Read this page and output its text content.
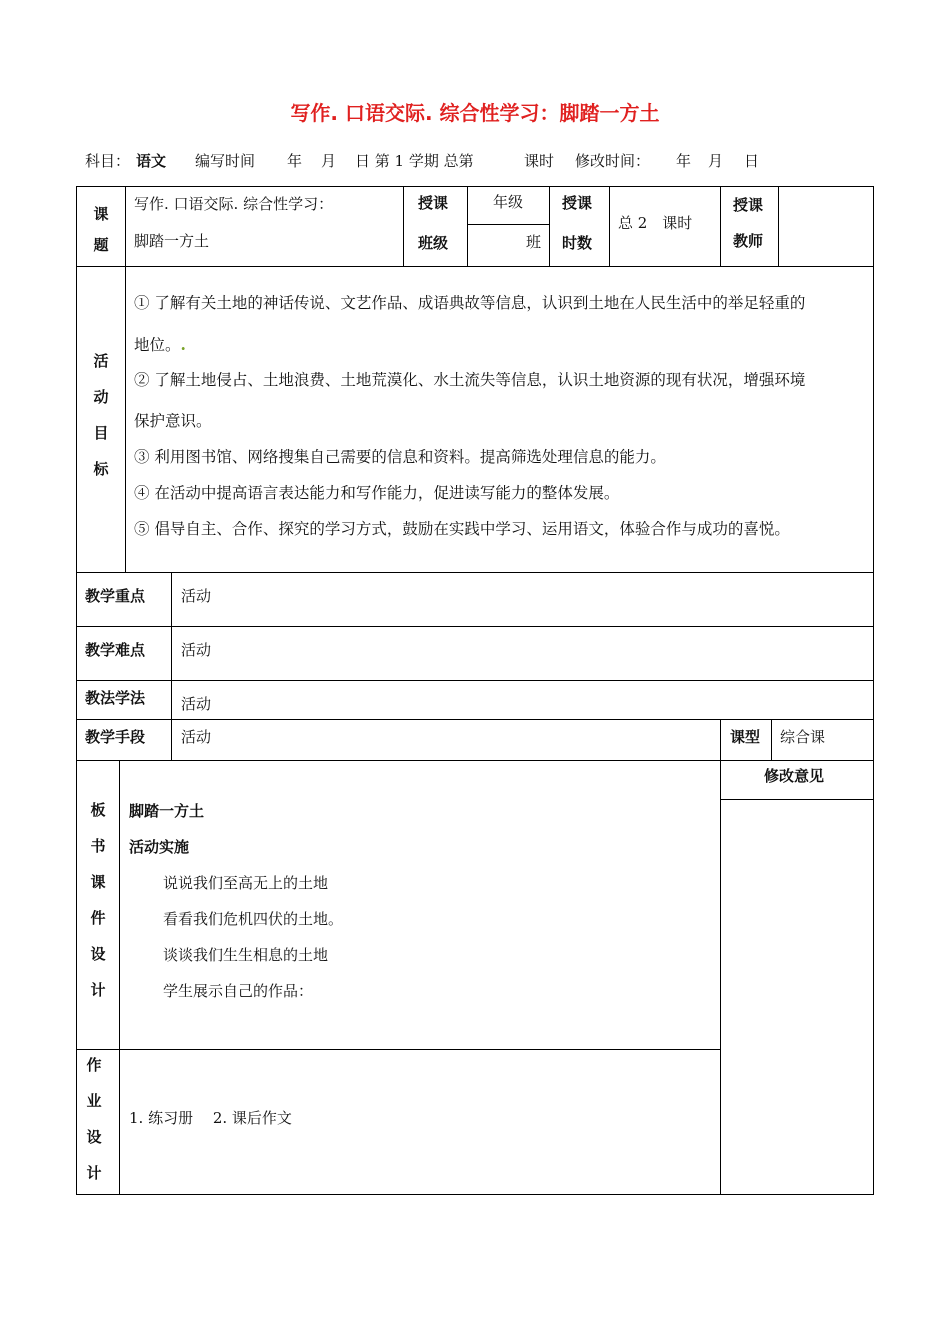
写作. 口语交际. 综合性学习：脚踏一方土
科目： 语文 编写时间 年 月 日 第 1 学期 总第	课时 修改时间： 年 月 日
课
题
写作. 口语交际. 综合性学习：
脚踏一方土
授课
班级
年级
班
授课
时数
总 2　课时
授课
教师
活
动
目
标
① 了解有关土地的神话传说、文艺作品、成语典故等信息，认识到土地在人民生活中的举足轻重的
地位。.
② 了解土地侵占、土地浪费、土地荒漠化、水土流失等信息，认识土地资源的现有状况，增强环境
保护意识。
③ 利用图书馆、网络搜集自己需要的信息和资料。提高筛选处理信息的能力。
④ 在活动中提高语言表达能力和写作能力，促进读写能力的整体发展。
⑤ 倡导自主、合作、探究的学习方式，鼓励在实践中学习、运用语文，体验合作与成功的喜悦。
教学重点 活动
教学难点 活动
教法学法 活动
教学手段 活动	课型 综合课
板
书
课
件
设
计
脚踏一方土
活动实施
说说我们至高无上的土地
看看我们危机四伏的土地。
谈谈我们生生相息的土地
学生展示自己的作品：
修改意见
作
业
设
计
1. 练习册　 2. 课后作文
